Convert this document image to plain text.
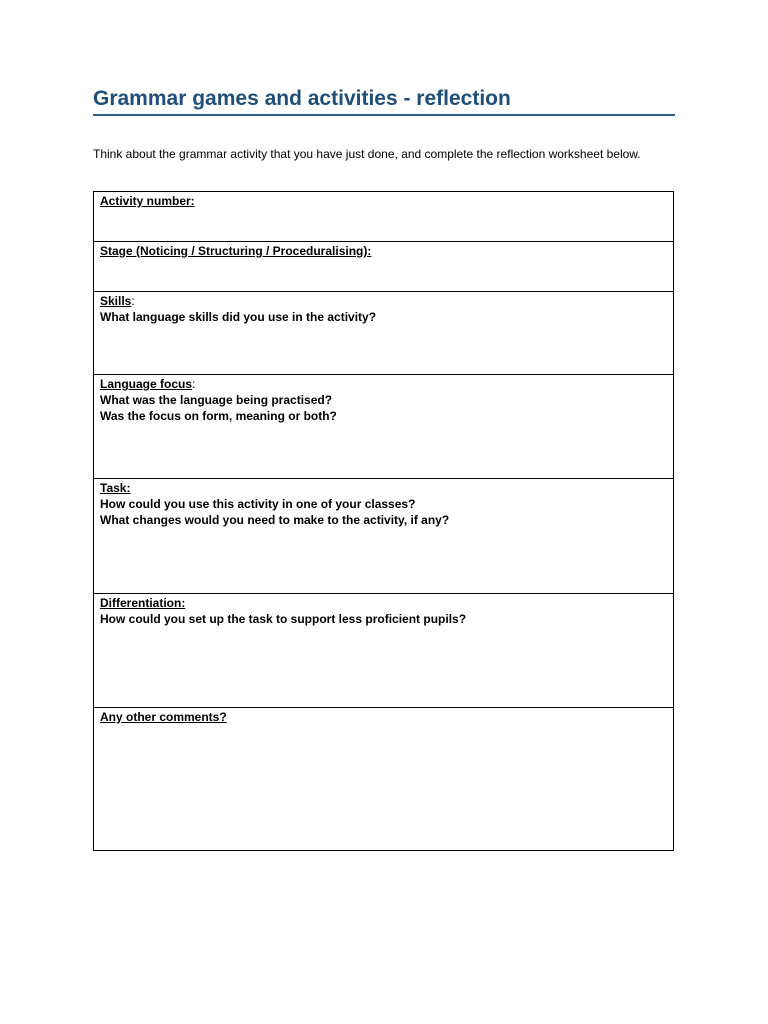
Grammar games and activities - reflection

Think about the grammar activity that you have just done, and complete the reflection worksheet below.

Activity number:
Stage (Noticing / Structuring / Proceduralising):
Skills:
What language skills did you use in the activity?

Language focus:
What was the language being practised?
Was the focus on form, meaning or both?

Task:
How could you use this activity in one of your classes?
What changes would you need to make to the activity, if any?

Differentiation:
How could you set up the task to support less proficient pupils?

Any other comments?
